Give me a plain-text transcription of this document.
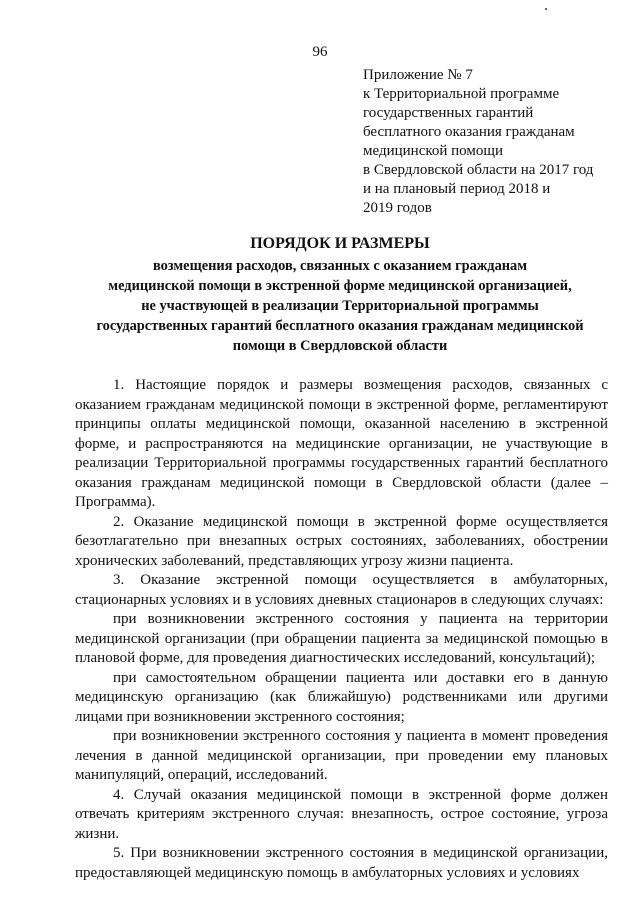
96
Приложение № 7
к Территориальной программе
государственных гарантий
бесплатного оказания гражданам
медицинской помощи
в Свердловской области на 2017 год
и на плановый период 2018 и
2019 годов
ПОРЯДОК И РАЗМЕРЫ
возмещения расходов, связанных с оказанием гражданам
медицинской помощи в экстренной форме медицинской организацией,
не участвующей в реализации Территориальной программы
государственных гарантий бесплатного оказания гражданам медицинской
помощи в Свердловской области

1. Настоящие порядок и размеры возмещения расходов, связанных с оказанием гражданам медицинской помощи в экстренной форме, регламентируют принципы оплаты медицинской помощи, оказанной населению в экстренной форме, и распространяются на медицинские организации, не участвующие в реализации Территориальной программы государственных гарантий бесплатного оказания гражданам медицинской помощи в Свердловской области (далее – Программа).

2. Оказание медицинской помощи в экстренной форме осуществляется безотлагательно при внезапных острых состояниях, заболеваниях, обострении хронических заболеваний, представляющих угрозу жизни пациента.

3. Оказание экстренной помощи осуществляется в амбулаторных, стационарных условиях и в условиях дневных стационаров в следующих случаях:

при возникновении экстренного состояния у пациента на территории медицинской организации (при обращении пациента за медицинской помощью в плановой форме, для проведения диагностических исследований, консультаций);

при самостоятельном обращении пациента или доставки его в данную медицинскую организацию (как ближайшую) родственниками или другими лицами при возникновении экстренного состояния;

при возникновении экстренного состояния у пациента в момент проведения лечения в данной медицинской организации, при проведении ему плановых манипуляций, операций, исследований.

4. Случай оказания медицинской помощи в экстренной форме должен отвечать критериям экстренного случая: внезапность, острое состояние, угроза жизни.

5. При возникновении экстренного состояния в медицинской организации, предоставляющей медицинскую помощь в амбулаторных условиях и условиях
